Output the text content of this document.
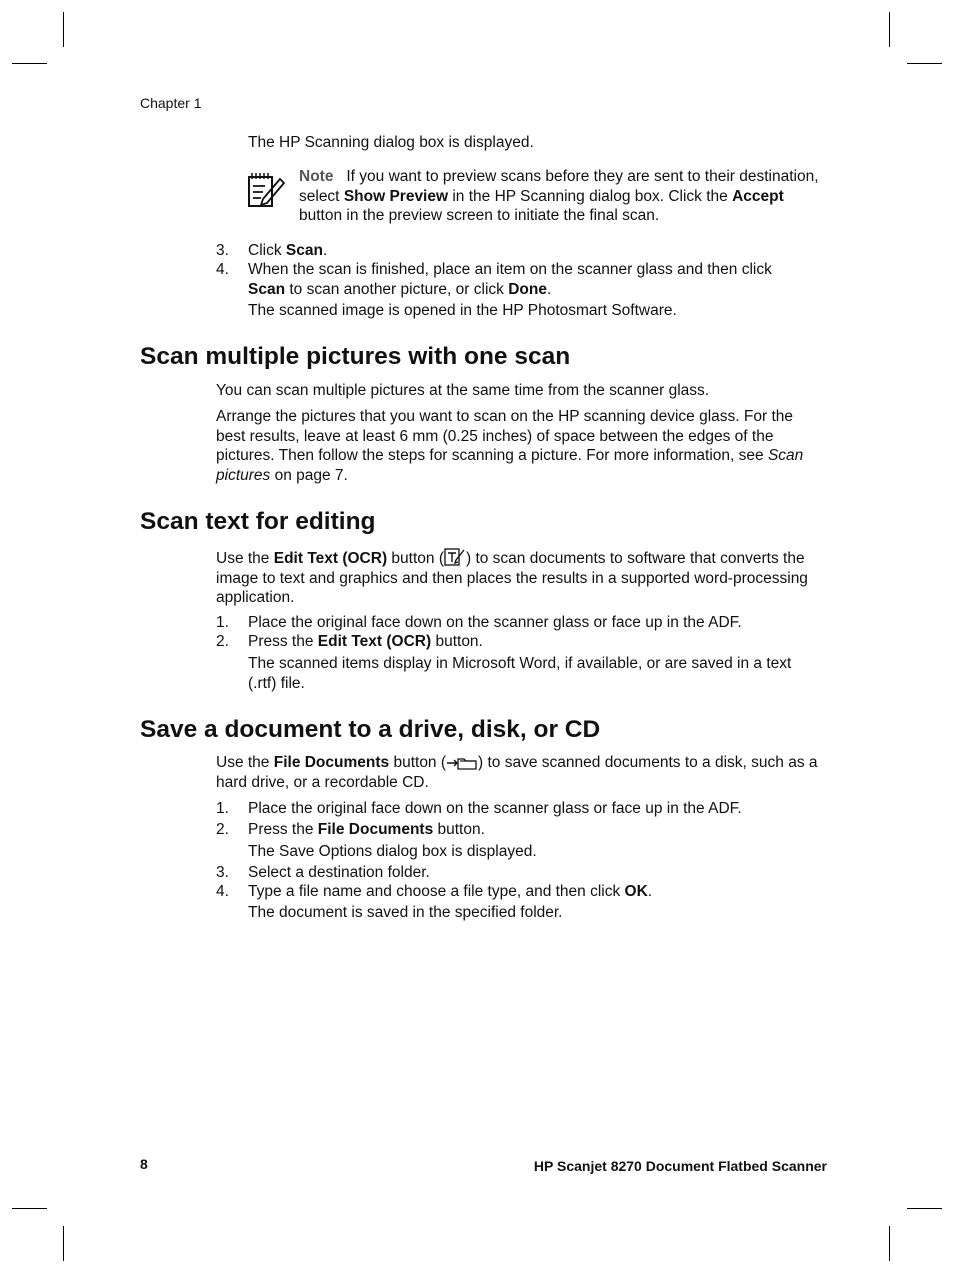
Chapter 1

The HP Scanning dialog box is displayed.

Note If you want to preview scans before they are sent to their destination, select Show Preview in the HP Scanning dialog box. Click the Accept button in the preview screen to initiate the final scan.

3. Click Scan.

4. When the scan is finished, place an item on the scanner glass and then click Scan to scan another picture, or click Done.

The scanned image is opened in the HP Photosmart Software.

Scan multiple pictures with one scan

You can scan multiple pictures at the same time from the scanner glass.

Arrange the pictures that you want to scan on the HP scanning device glass. For the best results, leave at least 6 mm (0.25 inches) of space between the edges of the pictures. Then follow the steps for scanning a picture. For more information, see Scan pictures on page 7.

Scan text for editing

Use the Edit Text (OCR) button ( ) to scan documents to software that converts the image to text and graphics and then places the results in a supported word-processing application.

1. Place the original face down on the scanner glass or face up in the ADF.

2. Press the Edit Text (OCR) button.

The scanned items display in Microsoft Word, if available, or are saved in a text (.rtf) file.

Save a document to a drive, disk, or CD

Use the File Documents button ( ) to save scanned documents to a disk, such as a hard drive, or a recordable CD.

1. Place the original face down on the scanner glass or face up in the ADF.

2. Press the File Documents button.

The Save Options dialog box is displayed.

3. Select a destination folder.

4. Type a file name and choose a file type, and then click OK.

The document is saved in the specified folder.

8	HP Scanjet 8270 Document Flatbed Scanner
